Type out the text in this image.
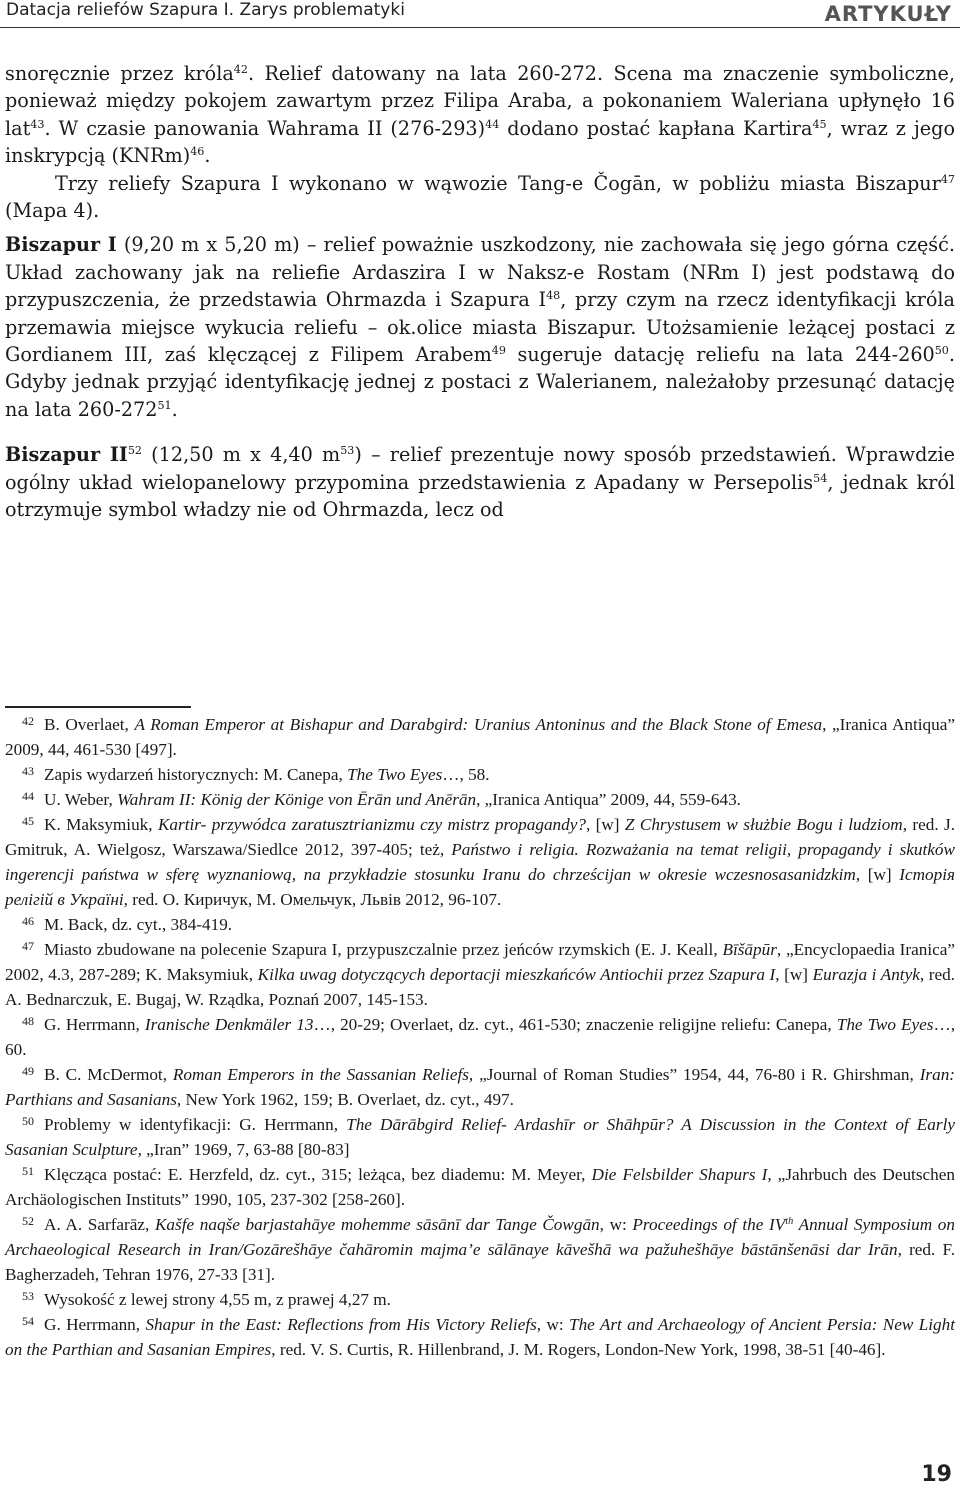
Datacja reliefów Szapura I. Zarys problematyki	ARTYKUŁY

snoręcznie przez króla$^{42}$. Relief datowany na lata 260-272. Scena ma znaczenie symboliczne, ponieważ między pokojem zawartym przez Filipa Araba, a pokonaniem Waleriana upłynęło 16 lat$^{43}$. W czasie panowania Wahrama II $(276-293)^{44}$ dodano postać kapłana Kartira$^{45}$, wraz z jego inskrypcją (KNRm)$^{46}$.

Trzy reliefy Szapura I wykonano w wąwozie Tang-e Čogān, w pobliżu miasta Biszapur$^{47}$ (Mapa 4).

Biszapur I (9,20 m x 5,20 m) – relief poważnie uszkodzony, nie zachowała się jego górna część. Układ zachowany jak na reliefie Ardaszira I w Naksz-e Rostam (NRm I) jest podstawą do przypuszczenia, że przedstawia Ohrmazda i Szapura $I^{48}$, przy czym na rzecz identyfikacji króla przemawia miejsce wykucia reliefu – ok.olice miasta Biszapur. Utożsamienie leżącej postaci z Gordianem III, zaś klęczącej z Filipem Arabem$^{49}$ sugeruje datację reliefu na lata $244-260^{50}$. Gdyby jednak przyjąć identyfikację jednej z postaci z Walerianem, należałoby przesunąć datację na lata $260-272^{51}$.

Biszapur II$^{52}$ (12,50 m x 4,40 $m^{53}$) – relief prezentuje nowy sposób przedstawień. Wprawdzie ogólny układ wielopanelowy przypomina przedstawienia z Apadany w Persepolis$^{54}$, jednak król otrzymuje symbol władzy nie od Ohrmazda, lecz od

$^{42}$ B. Overlaet, A Roman Emperor at Bishapur and Darabgird: Uranius Antoninus and the Black Stone of Emesa, „Iranica Antiqua” 2009, 44, 461-530 [497].

$^{43}$ Zapis wydarzeń historycznych: M. Canepa, The Two Eyes…, 58.

$^{44}$ U. Weber, Wahram II: König der Könige von Ērān und Anērān, „Iranica Antiqua” 2009, 44, 559-643.

$^{45}$ K. Maksymiuk, Kartir- przywódca zaratusztrianizmu czy mistrz propagandy?, [w] Z Chrystusem w służbie Bogu i ludziom, red. J. Gmitruk, A. Wielgosz, Warszawa/Siedlce 2012, 397-405; też, Państwo i religia. Rozważania na temat religii, propagandy i skutków ingerencji państwa w sferę wyznaniową, na przykładzie stosunku Iranu do chrześcijan w okresie wczesnosasanidzkim, [w] Історія релігій в Україні, red. О. Киричук, М. Омельчук, Львів 2012, 96-107.

$^{46}$ M. Back, dz. cyt., 384-419.

$^{47}$ Miasto zbudowane na polecenie Szapura I, przypuszczalnie przez jeńców rzymskich (E. J. Keall, Bīšāpūr, „Encyclopaedia Iranica” 2002, 4.3, 287-289; K. Maksymiuk, Kilka uwag dotyczących deportacji mieszkańców Antiochii przez Szapura I, [w] Eurazja i Antyk, red. A. Bednarczuk, E. Bugaj, W. Rządka, Poznań 2007, 145-153.

$^{48}$ G. Herrmann, Iranische Denkmäler 13…, 20-29; Overlaet, dz. cyt., 461-530; znaczenie religijne reliefu: Canepa, The Two Eyes…, 60.

$^{49}$ B. C. McDermot, Roman Emperors in the Sassanian Reliefs, „Journal of Roman Studies” 1954, 44, 76-80 i R. Ghirshman, Iran: Parthians and Sasanians, New York 1962, 159; B. Overlaet, dz. cyt., 497.

$^{50}$ Problemy w identyfikacji: G. Herrmann, The Dārābgird Relief- Ardashīr or Shāhpūr? A Discussion in the Context of Early Sasanian Sculpture, „Iran” 1969, 7, 63-88 [80-83]

$^{51}$ Klęcząca postać: E. Herzfeld, dz. cyt., 315; leżąca, bez diademu: M. Meyer, Die Felsbilder Shapurs I, „Jahrbuch des Deutschen Archäologischen Instituts” 1990, 105, 237-302 [258-260].

$^{52}$ A. A. Sarfarāz, Kašfe naqše barjastahāye mohemme sāsānī dar Tange Čowgān, w: Proceedings of the IVth Annual Symposium on Archaeological Research in Iran/Gozārešhāye čahāromin majma’e sālānaye kāvešhā wa pažuhešhāye bāstānšenāsi dar Irān, red. F. Bagherzadeh, Tehran 1976, 27-33 [31].

$^{53}$ Wysokość z lewej strony 4,55 m, z prawej 4,27 m.

$^{54}$ G. Herrmann, Shapur in the East: Reflections from His Victory Reliefs, w: The Art and Archaeology of Ancient Persia: New Light on the Parthian and Sasanian Empires, red. V. S. Curtis, R. Hillenbrand, J. M. Rogers, London-New York, 1998, 38-51 [40-46].

19
